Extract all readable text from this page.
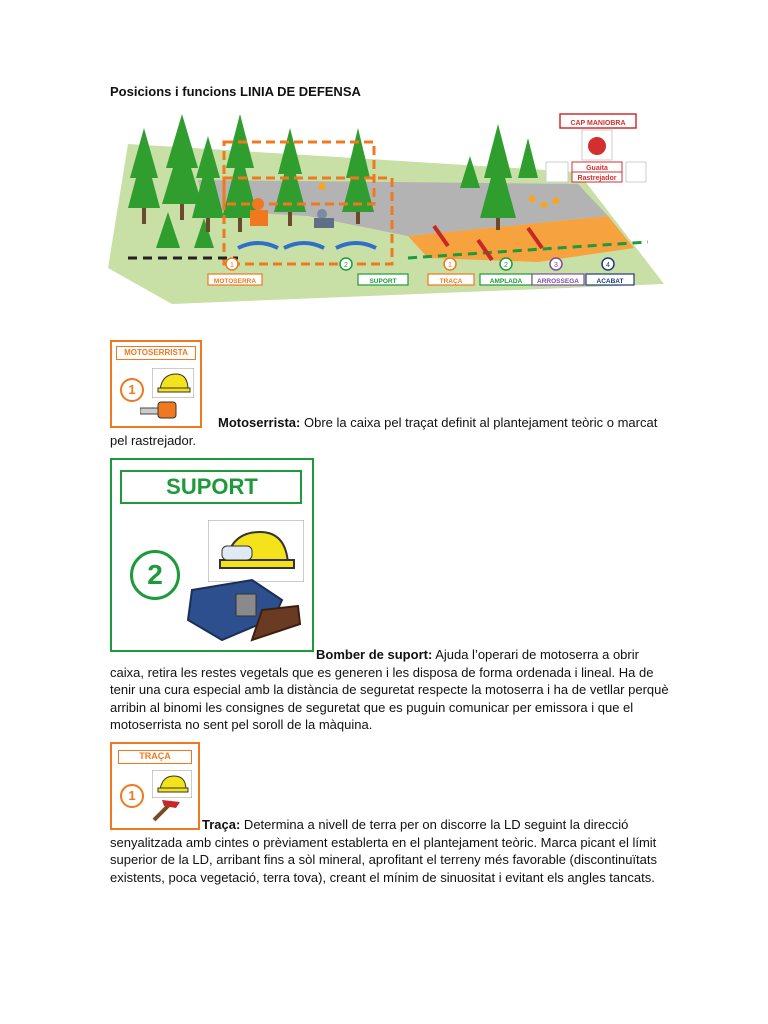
Posicions i funcions LINIA DE DEFENSA
CAP MANIOBRA
Guaita
Rastrejador
1
MOTOSERRA
2
SUPORT
1
TRAÇA
2
AMPLADA
3
ARROSSEGA
4
ACABAT
MOTOSERRISTA
1
Motoserrista: Obre la caixa pel traçat definit al plantejament teòric o marcat
pel rastrejador.
SUPORT
2
Bomber de suport: Ajuda l’operari de motoserra a obrir
caixa, retira les restes vegetals que es generen i les disposa de forma ordenada i lineal. Ha de tenir una cura especial amb la distància de seguretat respecte la motoserra i ha de vetllar perquè arribin al binomi les consignes de seguretat que es puguin comunicar per emissora i que el motoserrista no sent pel soroll de la màquina.
TRAÇA
1
Traça: Determina a nivell de terra per on discorre la LD seguint la direcció
senyalitzada amb cintes o prèviament establerta en el plantejament teòric. Marca picant el límit superior de la LD, arribant fins a sòl mineral, aprofitant el terreny més favorable (discontinuïtats existents, poca vegetació, terra tova), creant el mínim de sinuositat i evitant els angles tancats.
